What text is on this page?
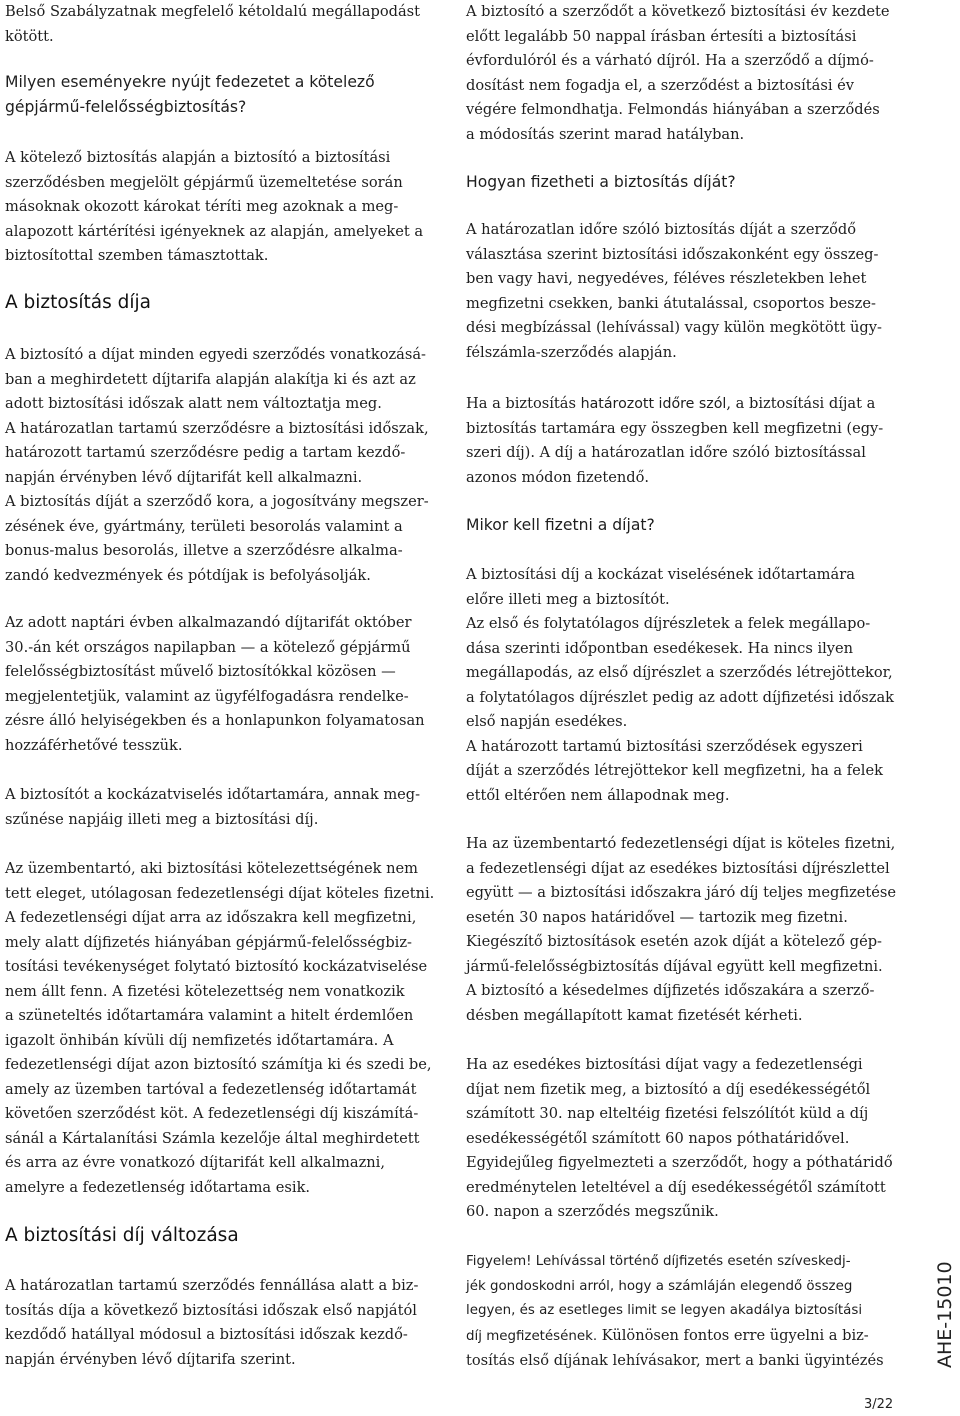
Belső Szabályzatnak megfelelő kétoldalú megállapodást
kötött.

Milyen eseményekre nyújt fedezetet a kötelező
gépjármű-felelősségbiztosítás?

A kötelező biztosítás alapján a biztosító a biztosítási
szerződésben megjelölt gépjármű üzemeltetése során
másoknak okozott károkat téríti meg azoknak a meg-
alapozott kártérítési igényeknek az alapján, amelyeket a
biztosítottal szemben támasztottak.

A biztosítás díja

A biztosító a díjat minden egyedi szerződés vonatkozásá-
ban a meghirdetett díjtarifa alapján alakítja ki és azt az
adott biztosítási időszak alatt nem változtatja meg.
A határozatlan tartamú szerződésre a biztosítási időszak,
határozott tartamú szerződésre pedig a tartam kezdő-
napján érvényben lévő díjtarifát kell alkalmazni.
A biztosítás díját a szerződő kora, a jogosítvány megszer-
zésének éve, gyártmány, területi besorolás valamint a
bonus-malus besorolás, illetve a szerződésre alkalma-
zandó kedvezmények és pótdíjak is befolyásolják.

Az adott naptári évben alkalmazandó díjtarifát október
30.-án két országos napilapban — a kötelező gépjármű
felelősségbiztosítást művelő biztosítókkal közösen —
megjelentetjük, valamint az ügyfélfogadásra rendelke-
zésre álló helyiségekben és a honlapunkon folyamatosan
hozzáférhetővé tesszük.

A biztosítót a kockázatviselés időtartamára, annak meg-
szűnése napjáig illeti meg a biztosítási díj.

Az üzembentartó, aki biztosítási kötelezettségének nem
tett eleget, utólagosan fedezetlenségi díjat köteles fizetni.
A fedezetlenségi díjat arra az időszakra kell megfizetni,
mely alatt díjfizetés hiányában gépjármű-felelősségbiz-
tosítási tevékenységet folytató biztosító kockázatviselése
nem állt fenn. A fizetési kötelezettség nem vonatkozik
a szüneteltés időtartamára valamint a hitelt érdemlően
igazolt önhibán kívüli díj nemfizetés időtartamára. A
fedezetlenségi díjat azon biztosító számítja ki és szedi be,
amely az üzemben tartóval a fedezetlenség időtartamát
követően szerződést köt. A fedezetlenségi díj kiszámítá-
sánál a Kártalanítási Számla kezelője által meghirdetett
és arra az évre vonatkozó díjtarifát kell alkalmazni,
amelyre a fedezetlenség időtartama esik.

A biztosítási díj változása

A határozatlan tartamú szerződés fennállása alatt a biz-
tosítás díja a következő biztosítási időszak első napjától
kezdődő hatállyal módosul a biztosítási időszak kezdő-
napján érvényben lévő díjtarifa szerint.

A biztosító a szerződőt a következő biztosítási év kezdete
előtt legalább 50 nappal írásban értesíti a biztosítási
évfordulóról és a várható díjról. Ha a szerződő a díjmó-
dosítást nem fogadja el, a szerződést a biztosítási év
végére felmondhatja. Felmondás hiányában a szerződés
a módosítás szerint marad hatályban.

Hogyan fizetheti a biztosítás díját?

A határozatlan időre szóló biztosítás díját a szerződő
választása szerint biztosítási időszakonként egy összeg-
ben vagy havi, negyedéves, féléves részletekben lehet
megfizetni csekken, banki átutalással, csoportos besze-
dési megbízással (lehívással) vagy külön megkötött ügy-
félszámla-szerződés alapján.

Ha a biztosítás határozott időre szól, a biztosítási díjat a
biztosítás tartamára egy összegben kell megfizetni (egy-
szeri díj). A díj a határozatlan időre szóló biztosítással
azonos módon fizetendő.

Mikor kell fizetni a díjat?

A biztosítási díj a kockázat viselésének időtartamára
előre illeti meg a biztosítót.
Az első és folytatólagos díjrészletek a felek megállapo-
dása szerinti időpontban esedékesek. Ha nincs ilyen
megállapodás, az első díjrészlet a szerződés létrejöttekor,
a folytatólagos díjrészlet pedig az adott díjfizetési időszak
első napján esedékes.
A határozott tartamú biztosítási szerződések egyszeri
díját a szerződés létrejöttekor kell megfizetni, ha a felek
ettől eltérően nem állapodnak meg.

Ha az üzembentartó fedezetlenségi díjat is köteles fizetni,
a fedezetlenségi díjat az esedékes biztosítási díjrészlettel
együtt — a biztosítási időszakra járó díj teljes megfizetése
esetén 30 napos határidővel — tartozik meg fizetni.
Kiegészítő biztosítások esetén azok díját a kötelező gép-
jármű-felelősségbiztosítás díjával együtt kell megfizetni.
A biztosító a késedelmes díjfizetés időszakára a szerző-
désben megállapított kamat fizetését kérheti.

Ha az esedékes biztosítási díjat vagy a fedezetlenségi
díjat nem fizetik meg, a biztosító a díj esedékességétől
számított 30. nap elteltéig fizetési felszólítót küld a díj
esedékességétől számított 60 napos póthatáridővel.
Egyidejűleg figyelmezteti a szerződőt, hogy a póthatáridő
eredménytelen leteltével a díj esedékességétől számított
60. napon a szerződés megszűnik.

Figyelem! Lehívással történő díjfizetés esetén szíveskedj-
jék gondoskodni arról, hogy a számláján elegendő összeg
legyen, és az esetleges limit se legyen akadálya biztosítási
díj megfizetésének. Különösen fontos erre ügyelni a biz-
tosítás első díjának lehívásakor, mert a banki ügyintézés	AHE-15010
3/22
